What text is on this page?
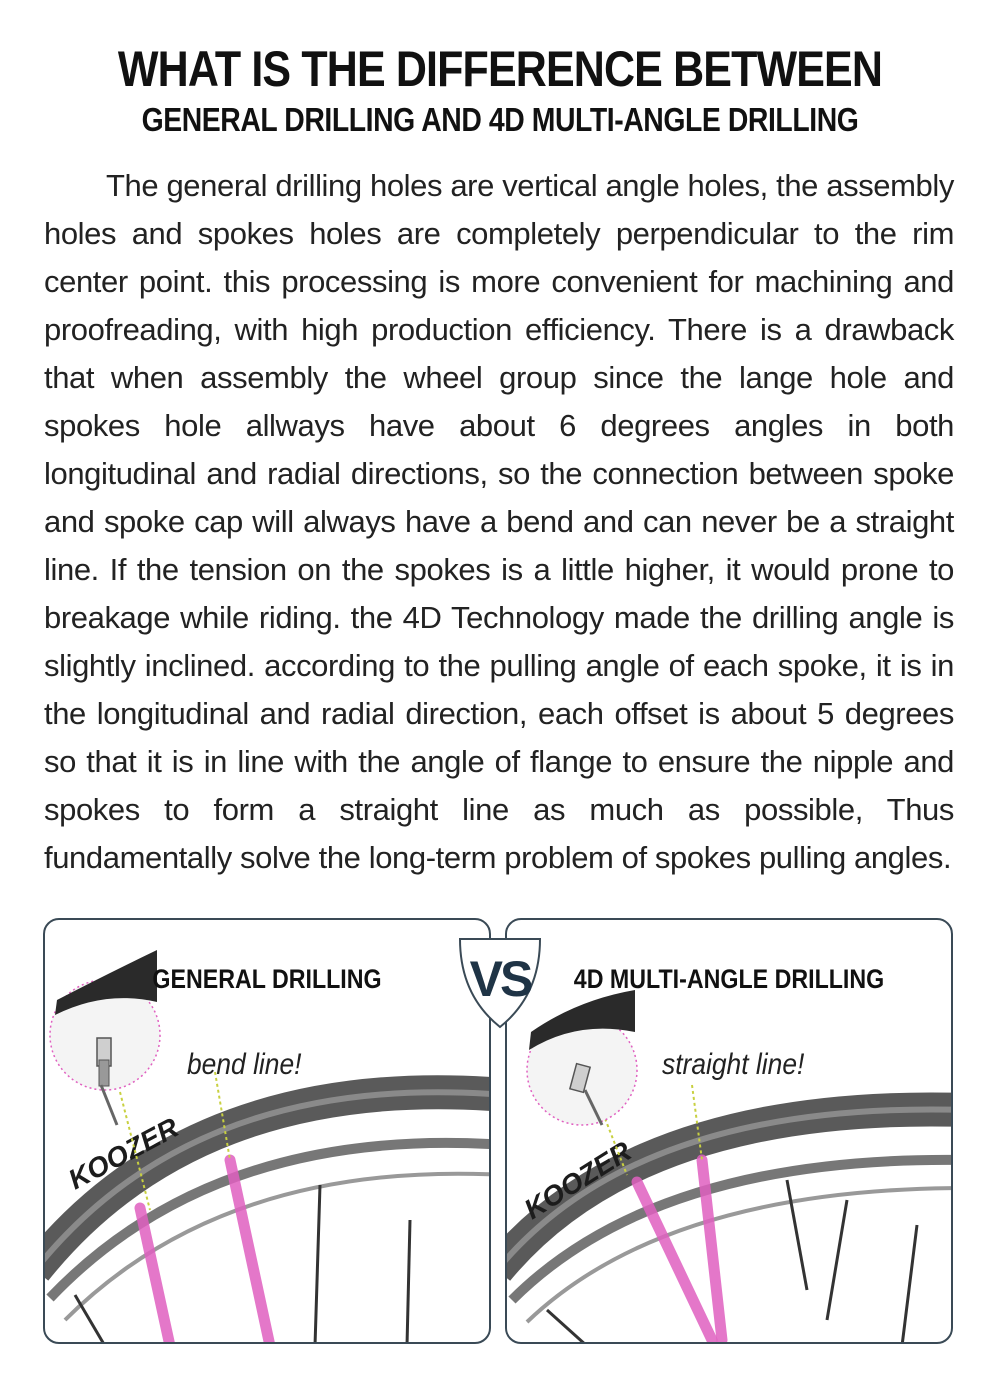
WHAT IS THE DIFFERENCE BETWEEN
GENERAL DRILLING AND 4D MULTI-ANGLE DRILLING
The general drilling holes are vertical angle holes, the assembly holes and spokes holes are completely perpendicular to the rim center point. this processing is more convenient for machining and proofreading, with high production efficiency. There is a drawback that when assembly the wheel group since the lange hole and spokes hole allways have about 6 degrees angles in both longitudinal and radial directions, so the connection between spoke and spoke cap will always have a bend and can never be a straight line. If the tension on the spokes is a little higher, it would prone to breakage while riding. the 4D Technology made the drilling angle is slightly inclined. according to the pulling angle of each spoke, it is in the longitudinal and radial direction, each offset is about 5 degrees so that it is in line with the angle of flange to ensure the nipple and spokes to form a straight line as much as possible, Thus fundamentally solve the long-term problem of spokes pulling angles.
KOOZER
GENERAL DRILLING
bend line!
KOOZER
4D MULTI-ANGLE DRILLING
straight line!
VS
